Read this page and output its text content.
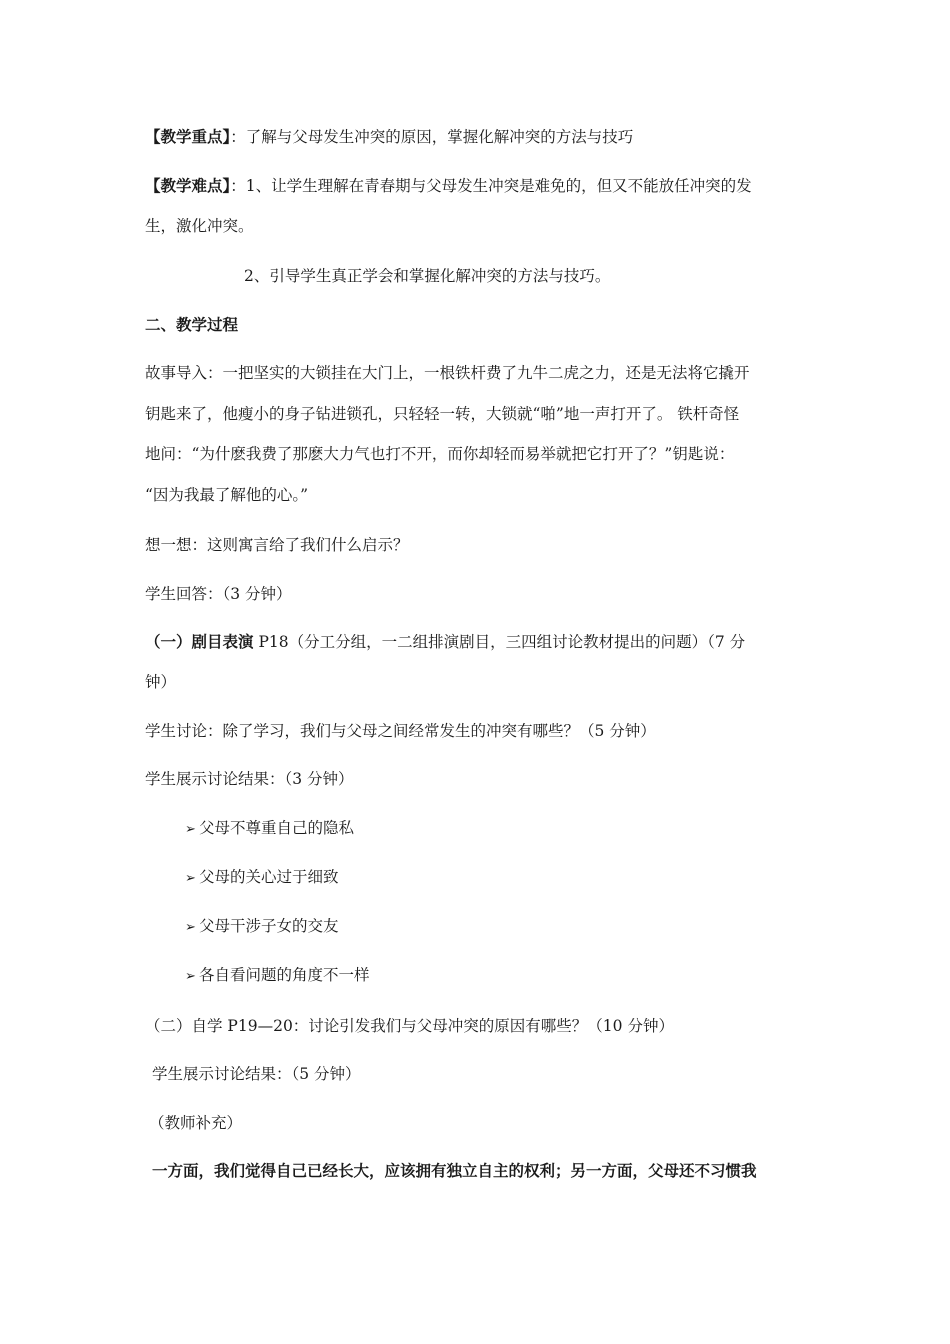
【教学重点】：了解与父母发生冲突的原因，掌握化解冲突的方法与技巧
【教学难点】：1、让学生理解在青春期与父母发生冲突是难免的，但又不能放任冲突的发
生，激化冲突。
2、引导学生真正学会和掌握化解冲突的方法与技巧。
二、教学过程
故事导入：一把坚实的大锁挂在大门上，一根铁杆费了九牛二虎之力，还是无法将它撬开
钥匙来了，他瘦小的身子钻进锁孔，只轻轻一转，大锁就“啪”地一声打开了。 铁杆奇怪
地问：“为什麽我费了那麽大力气也打不开，而你却轻而易举就把它打开了？”钥匙说：
“因为我最了解他的心。”
想一想：这则寓言给了我们什么启示？
学生回答：（3 分钟）
（一）剧目表演 P18（分工分组，一二组排演剧目，三四组讨论教材提出的问题）（7 分
钟）
学生讨论：除了学习，我们与父母之间经常发生的冲突有哪些？（5 分钟）
学生展示讨论结果：（3 分钟）
➢ 父母不尊重自己的隐私
➢ 父母的关心过于细致
➢ 父母干涉子女的交友
➢ 各自看问题的角度不一样
（二）自学 P19—20：讨论引发我们与父母冲突的原因有哪些？（10 分钟）
学生展示讨论结果：（5 分钟）
（教师补充）
一方面，我们觉得自己已经长大，应该拥有独立自主的权利；另一方面，父母还不习惯我
